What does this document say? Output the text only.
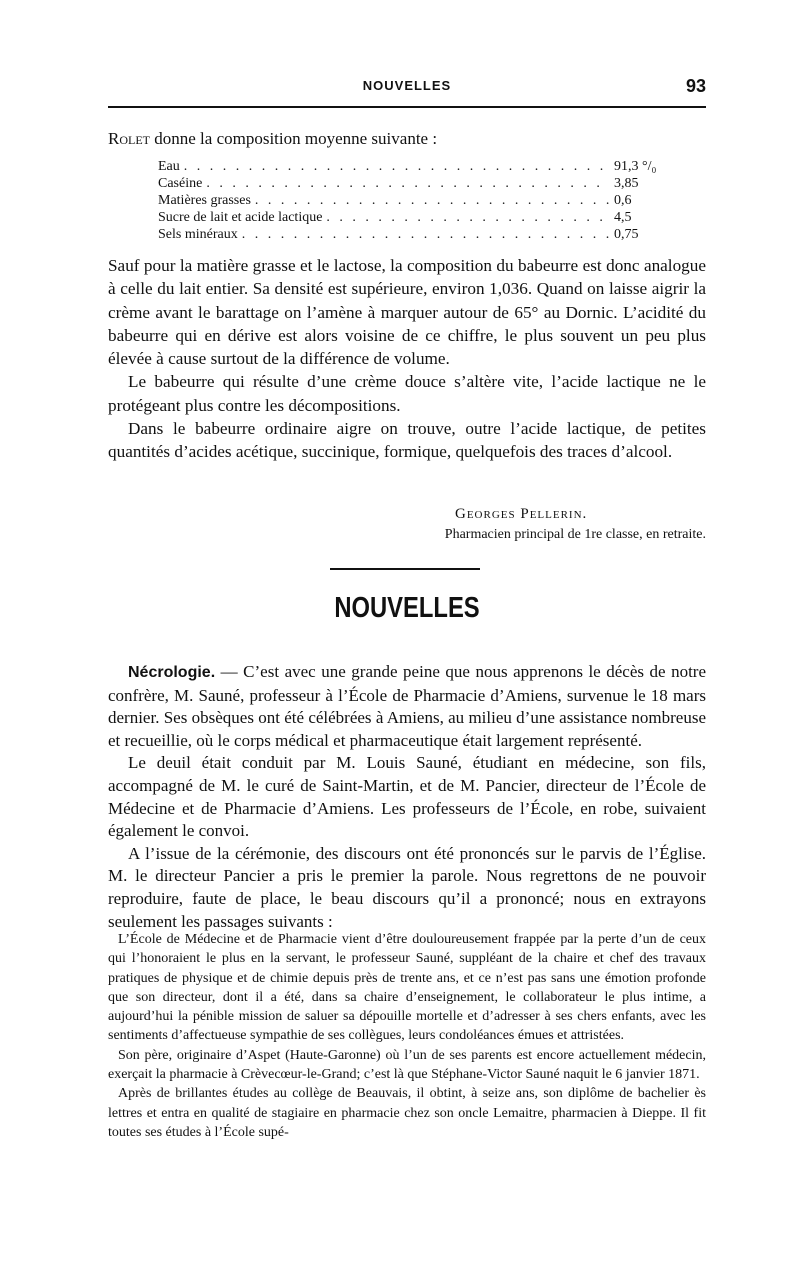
NOUVELLES	93

Rolet donne la composition moyenne suivante :

Eau . . .	91,3 °/₀
Caséine . . .	3,85
Matières grasses . . .	0,6
Sucre de lait et acide lactique . . .	4,5
Sels minéraux . . .	0,75

Sauf pour la matière grasse et le lactose, la composition du babeurre est donc analogue à celle du lait entier. Sa densité est supérieure, environ 1,036. Quand on laisse aigrir la crème avant le barattage on l’amène à marquer autour de 65° au Dornic. L’acidité du babeurre qui en dérive est alors voisine de ce chiffre, le plus souvent un peu plus élevée à cause surtout de la différence de volume.

Le babeurre qui résulte d’une crème douce s’altère vite, l’acide lactique ne le protégeant plus contre les décompositions.

Dans le babeurre ordinaire aigre on trouve, outre l’acide lactique, de petites quantités d’acides acétique, succinique, formique, quelquefois des traces d’alcool.

Georges Pellerin.
Pharmacien principal de 1re classe, en retraite.
NOUVELLES

Nécrologie. — C’est avec une grande peine que nous apprenons le décès de notre confrère, M. Sauné, professeur à l’École de Pharmacie d’Amiens, survenue le 18 mars dernier. Ses obsèques ont été célébrées à Amiens, au milieu d’une assistance nombreuse et recueillie, où le corps médical et pharmaceutique était largement représenté.

Le deuil était conduit par M. Louis Sauné, étudiant en médecine, son fils, accompagné de M. le curé de Saint-Martin, et de M. Pancier, directeur de l’École de Médecine et de Pharmacie d’Amiens. Les professeurs de l’École, en robe, suivaient également le convoi.

A l’issue de la cérémonie, des discours ont été prononcés sur le parvis de l’Église. M. le directeur Pancier a pris le premier la parole. Nous regrettons de ne pouvoir reproduire, faute de place, le beau discours qu’il a prononcé; nous en extrayons seulement les passages suivants :

L’École de Médecine et de Pharmacie vient d’être douloureusement frappée par la perte d’un de ceux qui l’honoraient le plus en la servant, le professeur Sauné, suppléant de la chaire et chef des travaux pratiques de physique et de chimie depuis près de trente ans, et ce n’est pas sans une émotion profonde que son directeur, dont il a été, dans sa chaire d’enseignement, le collaborateur le plus intime, a aujourd’hui la pénible mission de saluer sa dépouille mortelle et d’adresser à ses chers enfants, avec les sentiments d’affectueuse sympathie de ses collègues, leurs condoléances émues et attristées.

Son père, originaire d’Aspet (Haute-Garonne) où l’un de ses parents est encore actuellement médecin, exerçait la pharmacie à Crèvecœur-le-Grand; c’est là que Stéphane-Victor Sauné naquit le 6 janvier 1871.

Après de brillantes études au collège de Beauvais, il obtint, à seize ans, son diplôme de bachelier ès lettres et entra en qualité de stagiaire en pharmacie chez son oncle Lemaitre, pharmacien à Dieppe. Il fit toutes ses études à l’École supé-
